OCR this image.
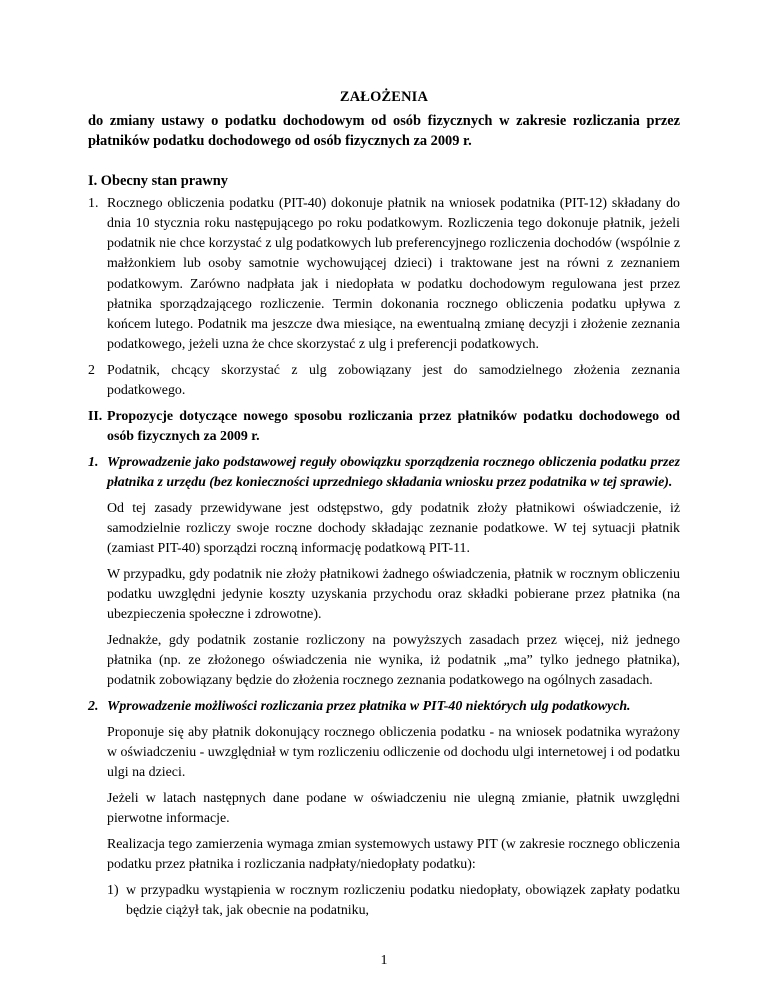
ZAŁOŻENIA
do zmiany ustawy o podatku dochodowym od osób fizycznych w zakresie rozliczania przez płatników podatku dochodowego od osób fizycznych za 2009 r.
I. Obecny stan prawny
1. Rocznego obliczenia podatku (PIT-40) dokonuje płatnik na wniosek podatnika (PIT-12) składany do dnia 10 stycznia roku następującego po roku podatkowym. Rozliczenia tego dokonuje płatnik, jeżeli podatnik nie chce korzystać z ulg podatkowych lub preferencyjnego rozliczenia dochodów (wspólnie z małżonkiem lub osoby samotnie wychowującej dzieci) i traktowane jest na równi z zeznaniem podatkowym. Zarówno nadpłata jak i niedopłata w podatku dochodowym regulowana jest przez płatnika sporządzającego rozliczenie. Termin dokonania rocznego obliczenia podatku upływa z końcem lutego. Podatnik ma jeszcze dwa miesiące, na ewentualną zmianę decyzji i złożenie zeznania podatkowego, jeżeli uzna że chce skorzystać z ulg i preferencji podatkowych.
2 Podatnik, chcący skorzystać z ulg zobowiązany jest do samodzielnego złożenia zeznania podatkowego.
II. Propozycje dotyczące nowego sposobu rozliczania przez płatników podatku dochodowego od osób fizycznych za 2009 r.
1. Wprowadzenie jako podstawowej reguły obowiązku sporządzenia rocznego obliczenia podatku przez płatnika z urzędu (bez konieczności uprzedniego składania wniosku przez podatnika w tej sprawie).
Od tej zasady przewidywane jest odstępstwo, gdy podatnik złoży płatnikowi oświadczenie, iż samodzielnie rozliczy swoje roczne dochody składając zeznanie podatkowe. W tej sytuacji płatnik (zamiast PIT-40) sporządzi roczną informację podatkową PIT-11.
W przypadku, gdy podatnik nie złoży płatnikowi żadnego oświadczenia, płatnik w rocznym obliczeniu podatku uwzględni jedynie koszty uzyskania przychodu oraz składki pobierane przez płatnika (na ubezpieczenia społeczne i zdrowotne).
Jednakże, gdy podatnik zostanie rozliczony na powyższych zasadach przez więcej, niż jednego płatnika (np. ze złożonego oświadczenia nie wynika, iż podatnik „ma” tylko jednego płatnika), podatnik zobowiązany będzie do złożenia rocznego zeznania podatkowego na ogólnych zasadach.
2. Wprowadzenie możliwości rozliczania przez płatnika w PIT-40 niektórych ulg podatkowych.
Proponuje się aby płatnik dokonujący rocznego obliczenia podatku - na wniosek podatnika wyrażony w oświadczeniu - uwzględniał w tym rozliczeniu odliczenie od dochodu ulgi internetowej i od podatku ulgi na dzieci.
Jeżeli w latach następnych dane podane w oświadczeniu nie ulegną zmianie, płatnik uwzględni pierwotne informacje.
1
Realizacja tego zamierzenia wymaga zmian systemowych ustawy PIT (w zakresie rocznego obliczenia podatku przez płatnika i rozliczania nadpłaty/niedopłaty podatku):
1) w przypadku wystąpienia w rocznym rozliczeniu podatku niedopłaty, obowiązek zapłaty podatku będzie ciążył tak, jak obecnie na podatniku,
